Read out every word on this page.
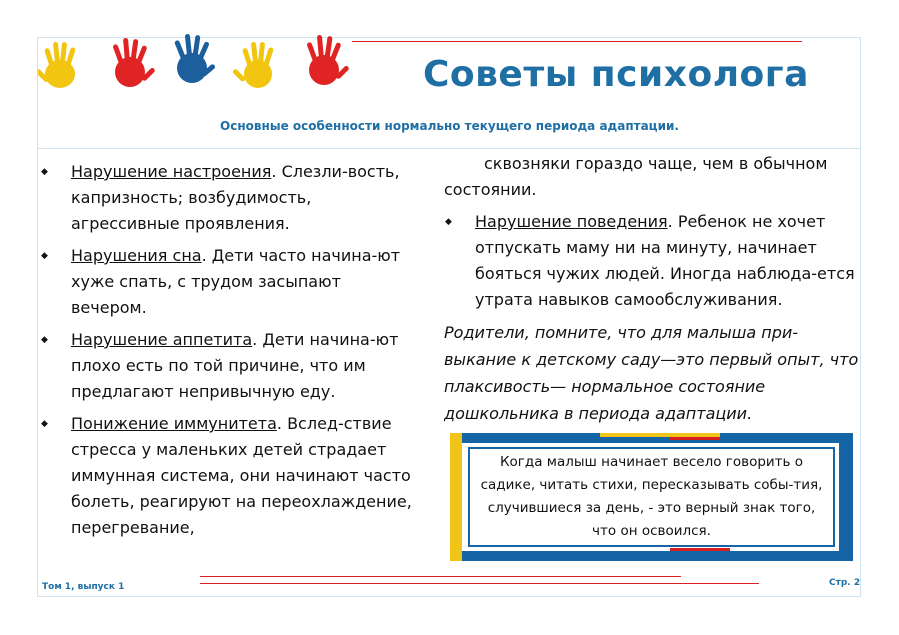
Советы психолога
Основные особенности нормально текущего периода адаптации.
◆ Нарушение настроения. Слезли-вость, капризность; возбудимость, агрессивные проявления.
◆ Нарушения сна. Дети часто начина-ют хуже спать, с трудом засыпают вечером.
◆ Нарушение аппетита. Дети начина-ют плохо есть по той причине, что им предлагают непривычную еду.
◆ Понижение иммунитета. Вслед-ствие стресса у маленьких детей страдает иммунная система, они начинают часто болеть, реагируют на переохлаждение, перегревание,
сквозняки гораздо чаще, чем в обычном состоянии.
◆ Нарушение поведения. Ребенок не хочет отпускать маму ни на минуту, начинает бояться чужих людей. Иногда наблюда-ется утрата навыков самообслуживания.
Родители, помните, что для малыша при-выкание к детскому саду—это первый опыт, что плаксивость— нормальное состояние дошкольника в периода адаптации.
Когда малыш начинает весело говорить о садике, читать стихи, пересказывать собы-тия, случившиеся за день, - это верный знак того, что он освоился.
Том 1, выпуск 1	Стр. 2
